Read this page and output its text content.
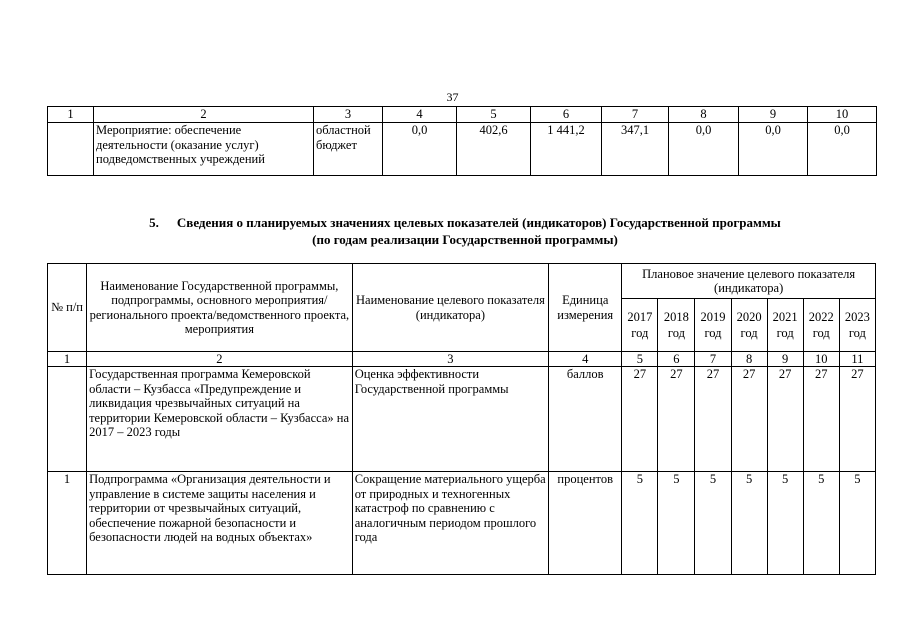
37
1	2	3	4	5	6	7	8	9	10
	Мероприятие: обеспечение деятельности (оказание услуг) подведомственных учреждений	областной бюджет	0,0	402,6	1 441,2	347,1	0,0	0,0	0,0
5. Сведения о планируемых значениях целевых показателей (индикаторов) Государственной программы
(по годам реализации Государственной программы)
№ п/п	Наименование Государственной программы, подпрограммы, основного мероприятия/регионального проекта/ведомственного проекта, мероприятия	Наименование целевого показателя (индикатора)	Единица измерения	Плановое значение целевого показателя (индикатора)						
				2017 год	2018 год	2019 год	2020 год	2021 год	2022 год	2023 год
1	2	3	4	5	6	7	8	9	10	11
	Государственная программа Кемеровской области – Кузбасса «Предупреждение и ликвидация чрезвычайных ситуаций на территории Кемеровской области – Кузбасса» на 2017 – 2023 годы	Оценка эффективности Государственной программы	баллов	27	27	27	27	27	27	27
1	Подпрограмма «Организация деятельности и управление в системе защиты населения и территории от чрезвычайных ситуаций, обеспечение пожарной безопасности и безопасности людей на водных объектах»	Сокращение материального ущерба от природных и техногенных катастроф по сравнению с аналогичным периодом прошлого года	процентов	5	5	5	5	5	5	5
